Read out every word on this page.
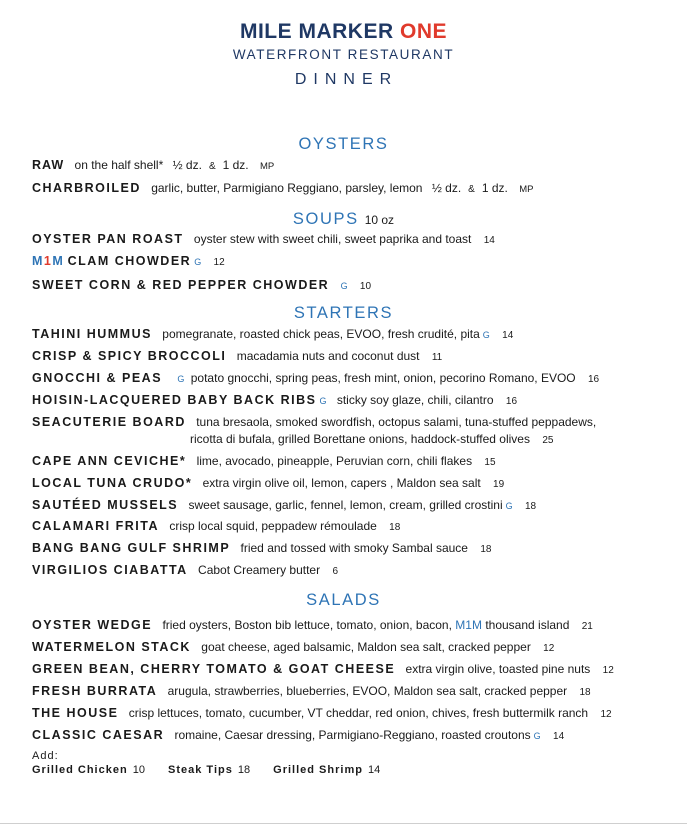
MILE MARKER ONE
WATERFRONT RESTAURANT
DINNER
OYSTERS
RAW on the half shell* ½ dz. & 1 dz. MP
CHARBROILED garlic, butter, Parmigiano Reggiano, parsley, lemon ½ dz. & 1 dz. MP
SOUPS 10 oz
OYSTER PAN ROAST oyster stew with sweet chili, sweet paprika and toast 14
M1M CLAM CHOWDER G 12
SWEET CORN & RED PEPPER CHOWDER G 10
STARTERS
TAHINI HUMMUS pomegranate, roasted chick peas, EVOO, fresh crudité, pita G 14
CRISP & SPICY BROCCOLI macadamia nuts and coconut dust 11
GNOCCHI & PEAS G potato gnocchi, spring peas, fresh mint, onion, pecorino Romano, EVOO 16
HOISIN-LACQUERED BABY BACK RIBS G sticky soy glaze, chili, cilantro 16
SEACUTERIE BOARD tuna bresaola, smoked swordfish, octopus salami, tuna-stuffed peppadews,
ricotta di bufala, grilled Borettane onions, haddock-stuffed olives 25
CAPE ANN CEVICHE* lime, avocado, pineapple, Peruvian corn, chili flakes 15
LOCAL TUNA CRUDO* extra virgin olive oil, lemon, capers , Maldon sea salt 19
SAUTÉED MUSSELS sweet sausage, garlic, fennel, lemon, cream, grilled crostini G 18
CALAMARI FRITA crisp local squid, peppadew rémoulade 18
BANG BANG GULF SHRIMP fried and tossed with smoky Sambal sauce 18
VIRGILIOS CIABATTA Cabot Creamery butter 6
SALADS
OYSTER WEDGE fried oysters, Boston bib lettuce, tomato, onion, bacon, M1M thousand island 21
WATERMELON STACK goat cheese, aged balsamic, Maldon sea salt, cracked pepper 12
GREEN BEAN, CHERRY TOMATO & GOAT CHEESE extra virgin olive, toasted pine nuts 12
FRESH BURRATA arugula, strawberries, blueberries, EVOO, Maldon sea salt, cracked pepper 18
THE HOUSE crisp lettuces, tomato, cucumber, VT cheddar, red onion, chives, fresh buttermilk ranch 12
CLASSIC CAESAR romaine, Caesar dressing, Parmigiano-Reggiano, roasted croutons G 14
Add:
Grilled Chicken 10 Steak Tips 18 Grilled Shrimp 14
